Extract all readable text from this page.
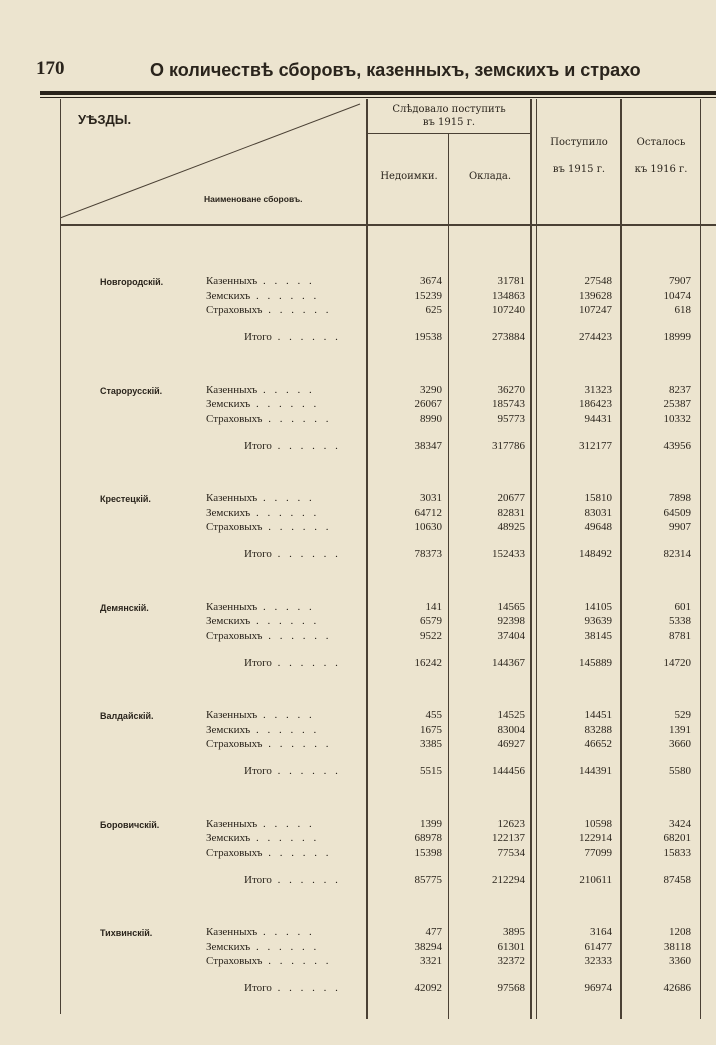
170	О количествѣ сборовъ, казенныхъ, земскихъ и страхо
УѢЗДЫ.
Наименоване сборовъ.
Слѣдовало поступить
въ 1915 г.
Недоимки.	Оклада.
Поступило
въ 1915 г.
Осталось
къ 1916 г.
Новгородскій.	Казенныхъ . . . . .	3674	31781	27548	7907
Земскихъ . . . . . .	15239	134863	139628	10474
Страховыхъ . . . . . .	625	107240	107247	618
Итого . . . . . .	19538	273884	274423	18999
Старорусскій.	Казенныхъ . . . . .	3290	36270	31323	8237
Земскихъ . . . . . .	26067	185743	186423	25387
Страховыхъ . . . . . .	8990	95773	94431	10332
Итого . . . . . .	38347	317786	312177	43956
Крестецкій.	Казенныхъ . . . . .	3031	20677	15810	7898
Земскихъ . . . . . .	64712	82831	83031	64509
Страховыхъ . . . . . .	10630	48925	49648	9907
Итого . . . . . .	78373	152433	148492	82314
Демянскій.	Казенныхъ . . . . .	141	14565	14105	601
Земскихъ . . . . . .	6579	92398	93639	5338
Страховыхъ . . . . . .	9522	37404	38145	8781
Итого . . . . . .	16242	144367	145889	14720
Валдайскій.	Казенныхъ . . . . .	455	14525	14451	529
Земскихъ . . . . . .	1675	83004	83288	1391
Страховыхъ . . . . . .	3385	46927	46652	3660
Итого . . . . . .	5515	144456	144391	5580
Боровичскій.	Казенныхъ . . . . .	1399	12623	10598	3424
Земскихъ . . . . . .	68978	122137	122914	68201
Страховыхъ . . . . . .	15398	77534	77099	15833
Итого . . . . . .	85775	212294	210611	87458
Тихвинскій.	Казенныхъ . . . . .	477	3895	3164	1208
Земскихъ . . . . . .	38294	61301	61477	38118
Страховыхъ . . . . . .	3321	32372	32333	3360
Итого . . . . . .	42092	97568	96974	42686
